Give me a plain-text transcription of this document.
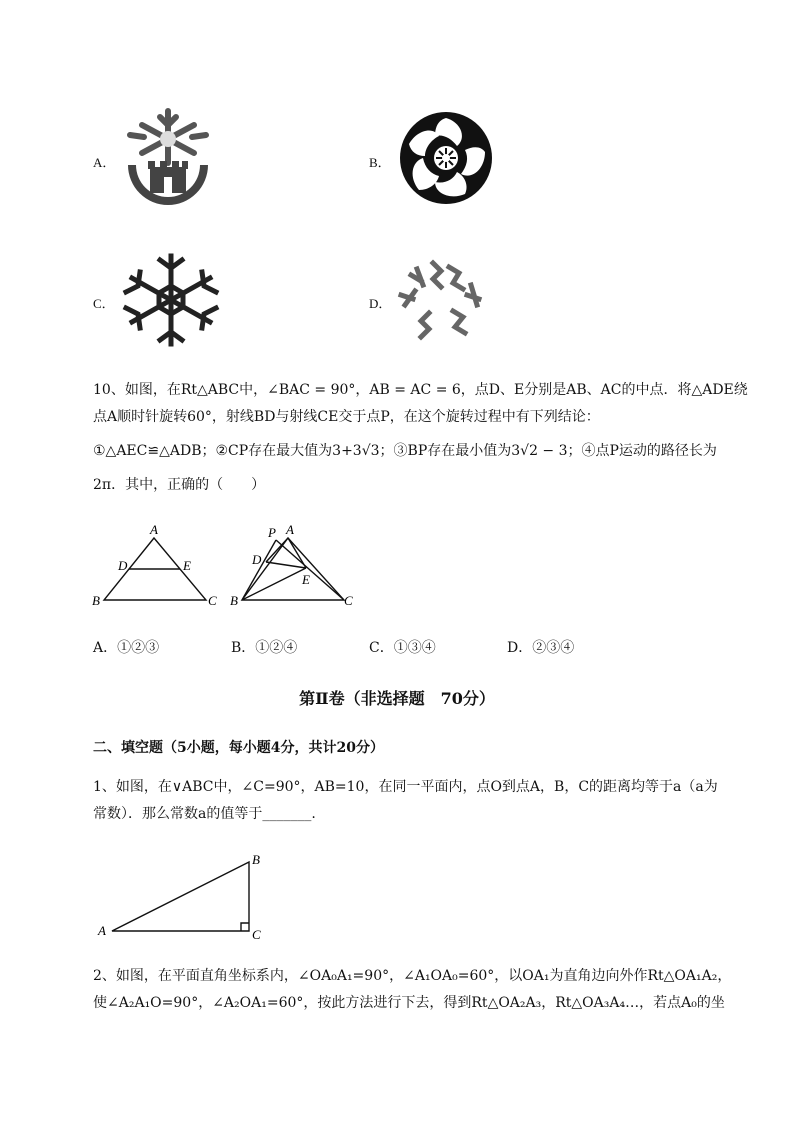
A．	B．
C．	D．
10、如图，在Rt△ABC中，∠BAC = 90°，AB = AC = 6，点D、E分别是AB、AC的中点．将△ADE绕
点A顺时针旋转60°，射线BD与射线CE交于点P，在这个旋转过程中有下列结论：
①△AEC≌△ADB；②CP存在最大值为3+3√3；③BP存在最小值为3√2 − 3；④点P运动的路径长为
2π．其中，正确的（　　）
A
D	E
B	C
P A
D
E
B	C
A．①②③	B．①②④	C．①③④	D．②③④
第Ⅱ卷（非选择题　70分）
二、填空题（5小题，每小题4分，共计20分）
1、如图，在∨ABC中，∠C=90°，AB=10，在同一平面内，点O到点A，B，C的距离均等于a（a为
常数）．那么常数a的值等于_______.
A
B
C
2、如图，在平面直角坐标系内，∠OA₀A₁=90°，∠A₁OA₀=60°，以OA₁为直角边向外作Rt△OA₁A₂，
使∠A₂A₁O=90°，∠A₂OA₁=60°，按此方法进行下去，得到Rt△OA₂A₃，Rt△OA₃A₄…，若点A₀的坐
